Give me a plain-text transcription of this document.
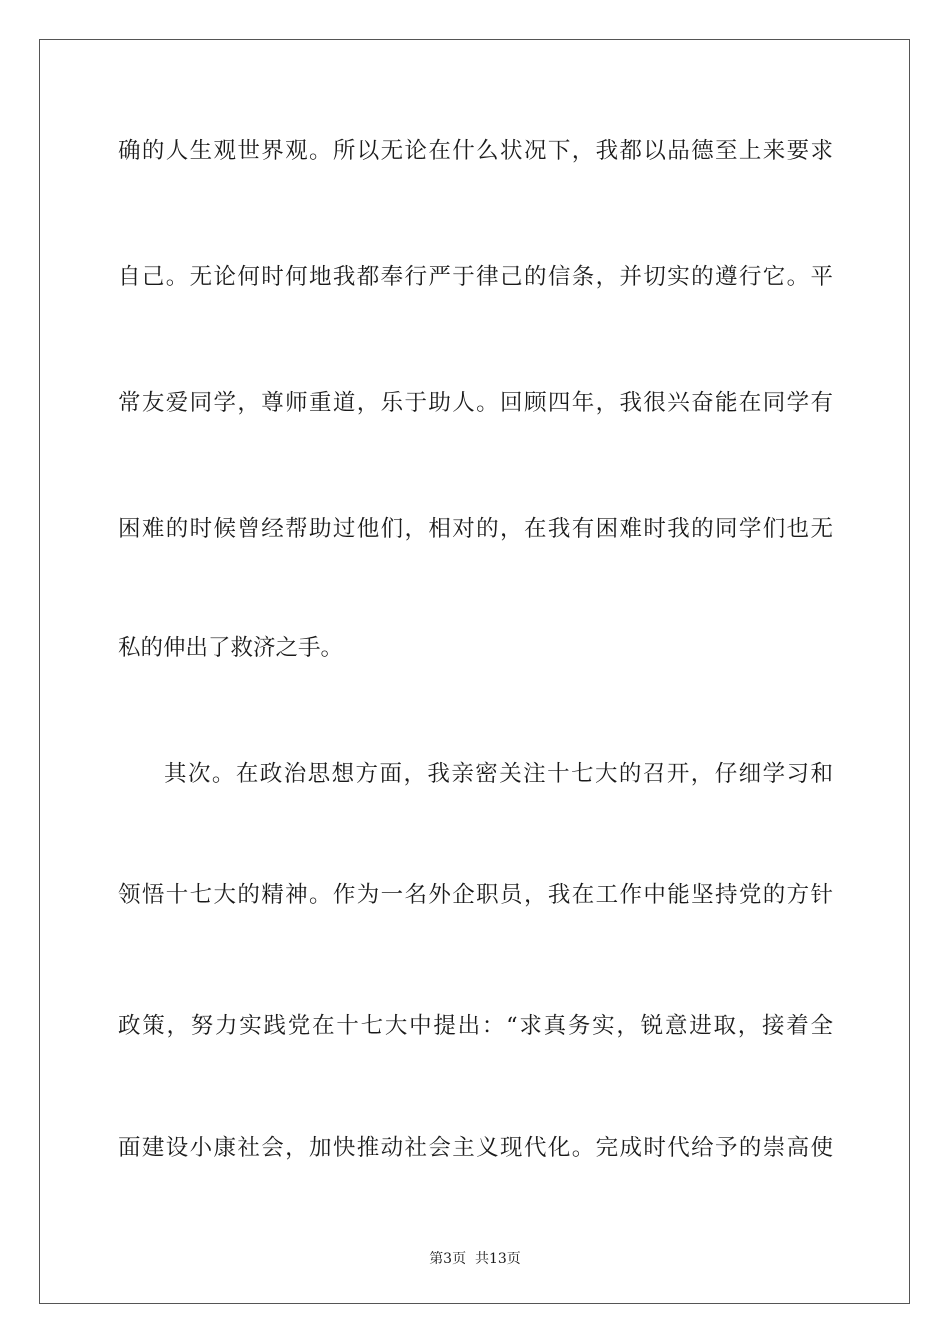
确的人生观世界观。所以无论在什么状况下，我都以品德至上来要求
自己。无论何时何地我都奉行严于律己的信条，并切实的遵行它。平
常友爱同学，尊师重道，乐于助人。回顾四年，我很兴奋能在同学有
困难的时候曾经帮助过他们，相对的，在我有困难时我的同学们也无
私的伸出了救济之手。
其次。在政治思想方面，我亲密关注十七大的召开，仔细学习和
领悟十七大的精神。作为一名外企职员，我在工作中能坚持党的方针
政策，努力实践党在十七大中提出：“求真务实，锐意进取，接着全
面建设小康社会，加快推动社会主义现代化。完成时代给予的崇高使
第3页  共13页
